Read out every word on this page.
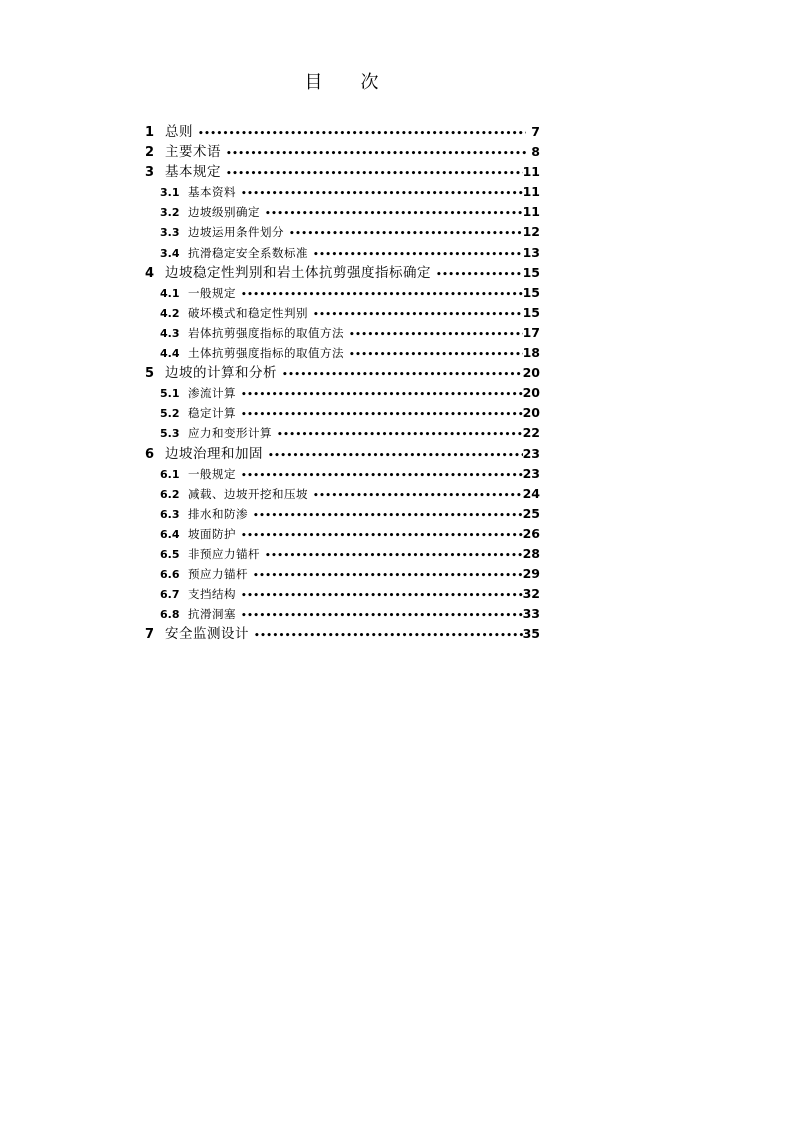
目 次
1 总则 •••••	7
2 主要术语 •••••	8
3 基本规定 •••••	11
3.1 基本资料 •••••	11
3.2 边坡级别确定 •••••	11
3.3 边坡运用条件划分 •••••	12
3.4 抗滑稳定安全系数标准 •••••	13
4 边坡稳定性判别和岩土体抗剪强度指标确定 •••••	15
4.1 一般规定 •••••	15
4.2 破坏模式和稳定性判别 •••••	15
4.3 岩体抗剪强度指标的取值方法 •••••	17
4.4 土体抗剪强度指标的取值方法 •••••	18
5 边坡的计算和分析 •••••	20
5.1 渗流计算 •••••	20
5.2 稳定计算 •••••	20
5.3 应力和变形计算 •••••	22
6 边坡治理和加固 •••••	23
6.1 一般规定 •••••	23
6.2 减载、边坡开挖和压坡 •••••	24
6.3 排水和防渗 •••••	25
6.4 坡面防护 •••••	26
6.5 非预应力锚杆 •••••	28
6.6 预应力锚杆 •••••	29
6.7 支挡结构 •••••	32
6.8 抗滑洞塞 •••••	33
7 安全监测设计 •••••	35
